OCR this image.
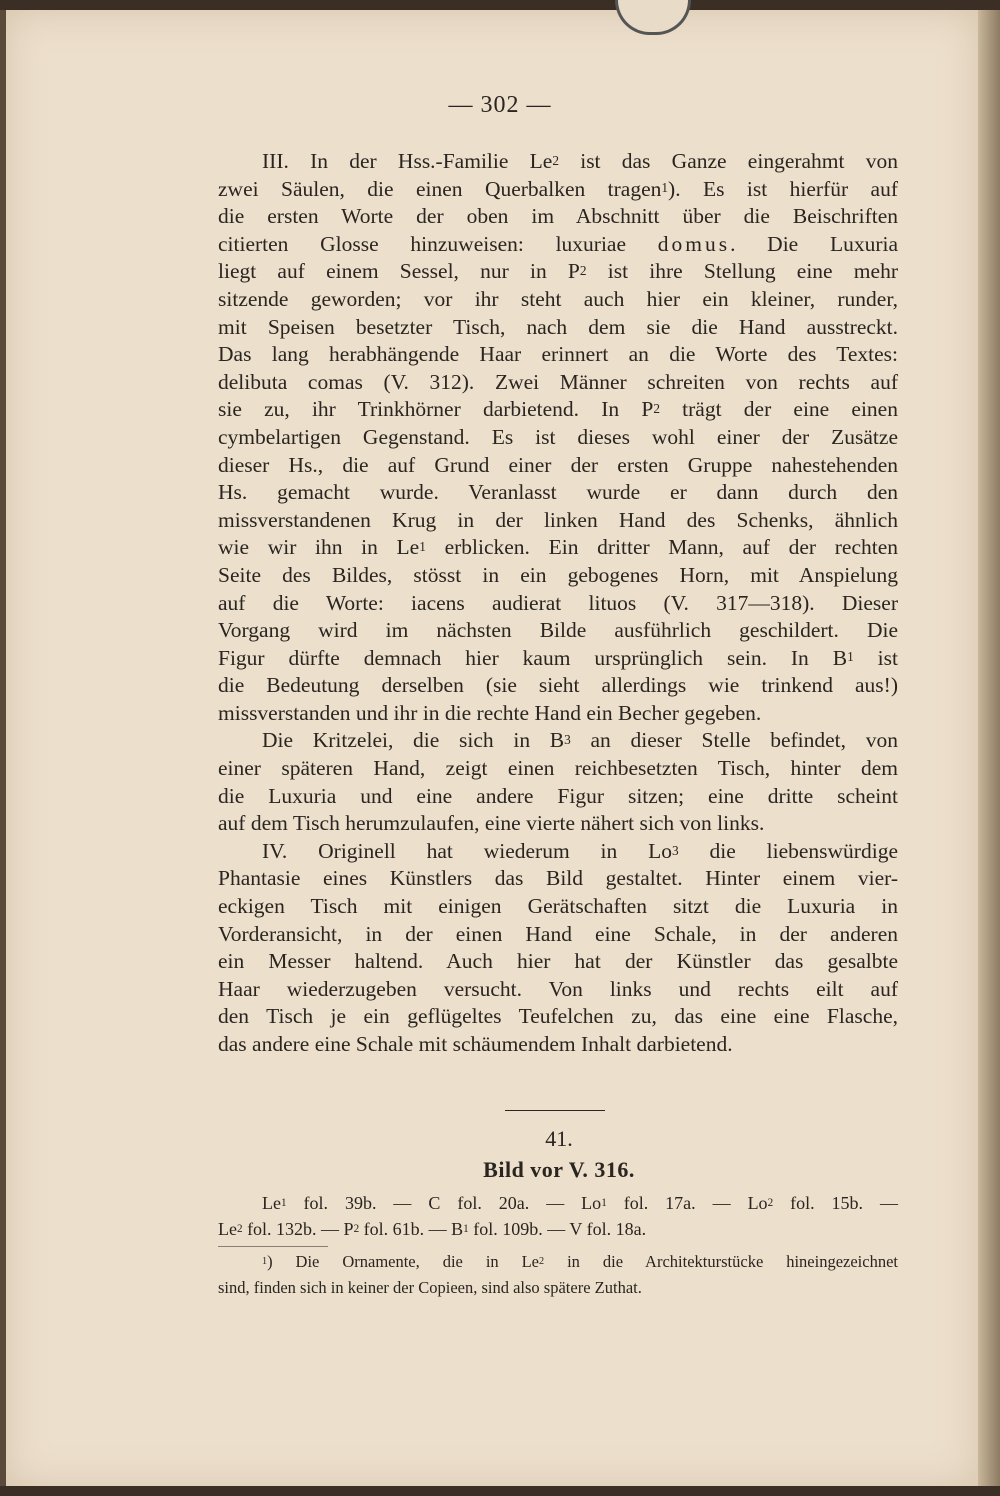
— 302 —
III. In der Hss.-Familie Le$^2$ ist das Ganze eingerahmt von
zwei Säulen, die einen Querbalken tragen$^1$). Es ist hierfür auf
die ersten Worte der oben im Abschnitt über die Beischriften
citierten Glosse hinzuweisen: luxuriae domus. Die Luxuria
liegt auf einem Sessel, nur in $P^2$ ist ihre Stellung eine mehr
sitzende geworden; vor ihr steht auch hier ein kleiner, runder,
mit Speisen besetzter Tisch, nach dem sie die Hand ausstreckt.
Das lang herabhängende Haar erinnert an die Worte des Textes:
delibuta comas (V. 312). Zwei Männer schreiten von rechts auf
sie zu, ihr Trinkhörner darbietend. In $P^2$ trägt der eine einen
cymbelartigen Gegenstand. Es ist dieses wohl einer der Zusätze
dieser Hs., die auf Grund einer der ersten Gruppe nahestehenden
Hs. gemacht wurde. Veranlasst wurde er dann durch den
missverstandenen Krug in der linken Hand des Schenks, ähnlich
wie wir ihn in Le$^1$ erblicken. Ein dritter Mann, auf der rechten
Seite des Bildes, stösst in ein gebogenes Horn, mit Anspielung
auf die Worte: iacens audierat lituos (V. 317—318). Dieser
Vorgang wird im nächsten Bilde ausführlich geschildert. Die
Figur dürfte demnach hier kaum ursprünglich sein. In $B^1$ ist
die Bedeutung derselben (sie sieht allerdings wie trinkend aus!)
missverstanden und ihr in die rechte Hand ein Becher gegeben.
Die Kritzelei, die sich in $B^3$ an dieser Stelle befindet, von
einer späteren Hand, zeigt einen reichbesetzten Tisch, hinter dem
die Luxuria und eine andere Figur sitzen; eine dritte scheint
auf dem Tisch herumzulaufen, eine vierte nähert sich von links.
IV. Originell hat wiederum in Lo$^3$ die liebenswürdige
Phantasie eines Künstlers das Bild gestaltet. Hinter einem vier-
eckigen Tisch mit einigen Gerätschaften sitzt die Luxuria in
Vorderansicht, in der einen Hand eine Schale, in der anderen
ein Messer haltend. Auch hier hat der Künstler das gesalbte
Haar wiederzugeben versucht. Von links und rechts eilt auf
den Tisch je ein geflügeltes Teufelchen zu, das eine eine Flasche,
das andere eine Schale mit schäumendem Inhalt darbietend.
41.
Bild vor V. 316.
Le$^1$ fol. 39b. — C fol. 20a. — Lo$^1$ fol. 17a. — Lo$^2$ fol. 15b. —
Le$^2$ fol. 132b. — $P^2$ fol. 61b. — $B^1$ fol. 109b. — V fol. 18a.
$^1$) Die Ornamente, die in Le$^2$ in die Architekturstücke hineingezeichnet
sind, finden sich in keiner der Copieen, sind also spätere Zuthat.
